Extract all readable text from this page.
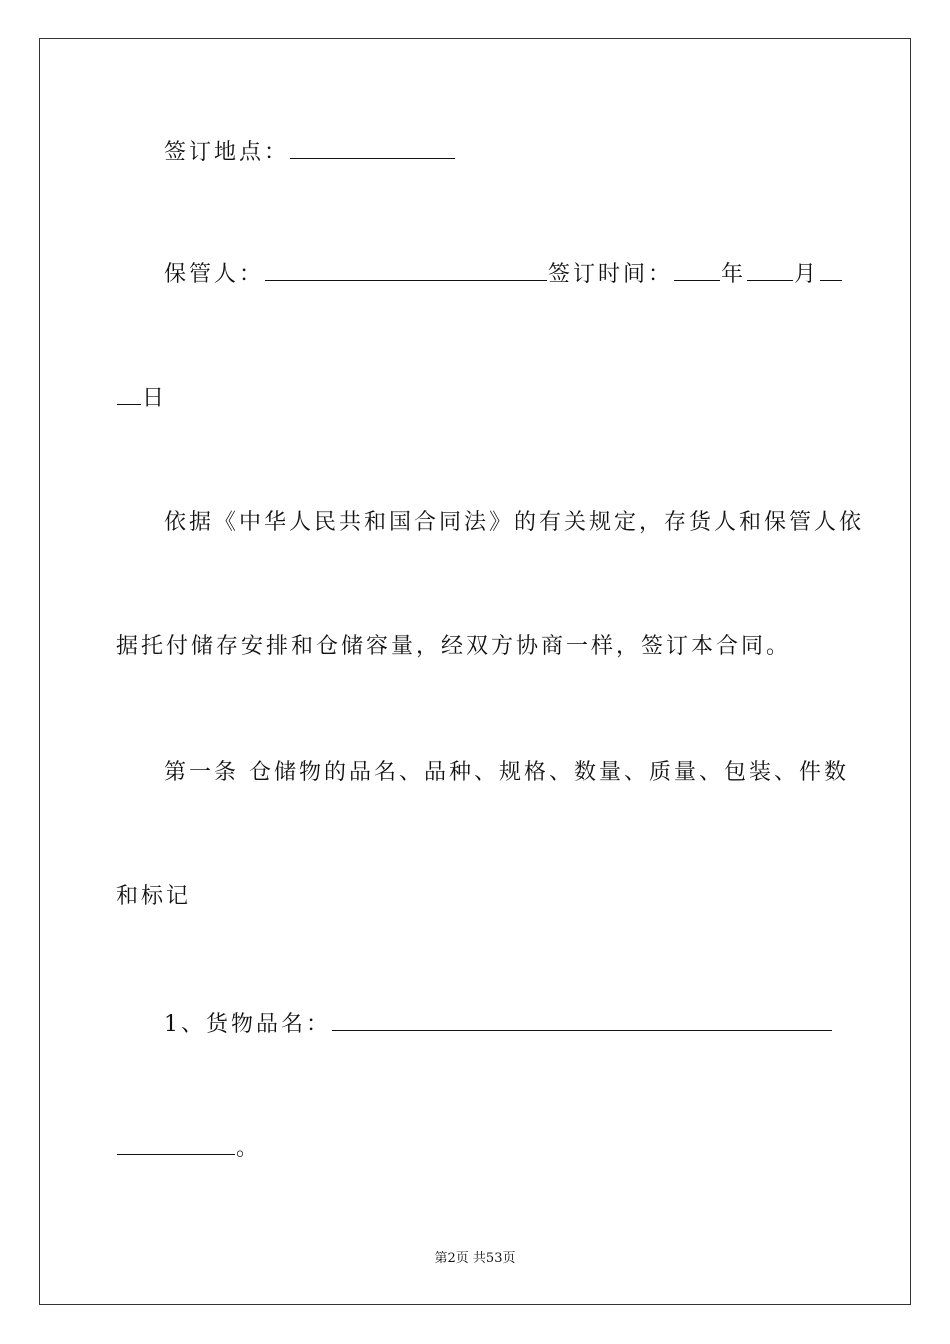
签订地点：
保管人：	签订时间： 年 月
日
依据《中华人民共和国合同法》的有关规定，存货人和保管人依
据托付储存安排和仓储容量，经双方协商一样，签订本合同。
第一条 仓储物的品名、品种、规格、数量、质量、包装、件数
和标记
1、货物品名：
。
第2页 共53页
